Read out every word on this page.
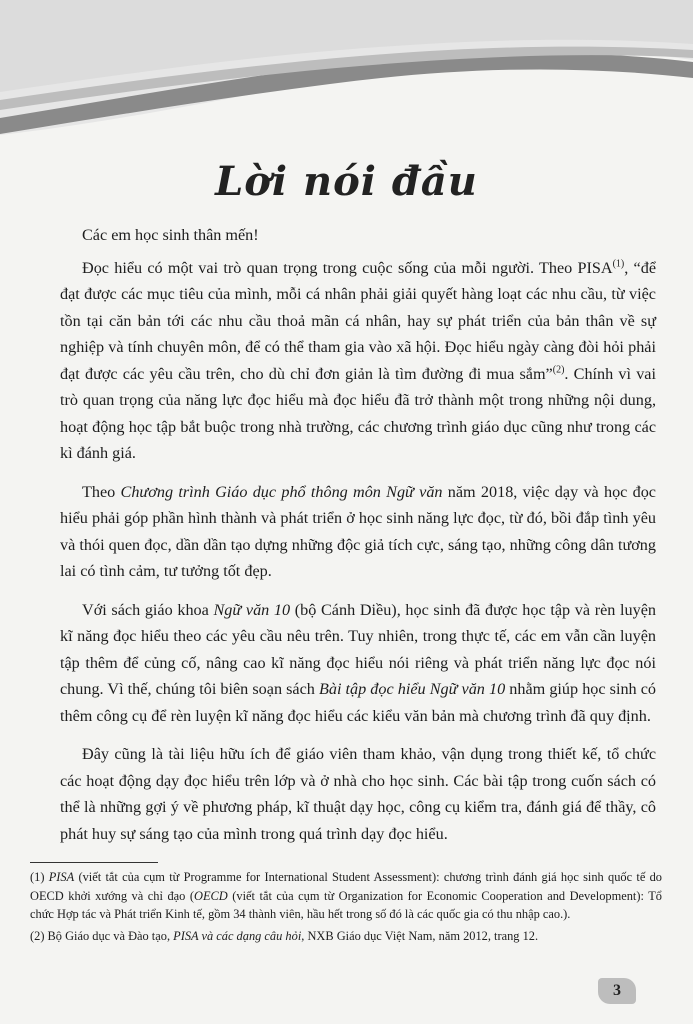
Lời nói đầu

Các em học sinh thân mến!

Đọc hiểu có một vai trò quan trọng trong cuộc sống của mỗi người. Theo PISA$^{(1)}$, “để đạt được các mục tiêu của mình, mỗi cá nhân phải giải quyết hàng loạt các nhu cầu, từ việc tồn tại căn bản tới các nhu cầu thoả mãn cá nhân, hay sự phát triển của bản thân về sự nghiệp và tính chuyên môn, để có thể tham gia vào xã hội. Đọc hiểu ngày càng đòi hỏi phải đạt được các yêu cầu trên, cho dù chỉ đơn giản là tìm đường đi mua sắm”$^{(2)}$. Chính vì vai trò quan trọng của năng lực đọc hiểu mà đọc hiểu đã trở thành một trong những nội dung, hoạt động học tập bắt buộc trong nhà trường, các chương trình giáo dục cũng như trong các kì đánh giá.

Theo Chương trình Giáo dục phổ thông môn Ngữ văn năm 2018, việc dạy và học đọc hiểu phải góp phần hình thành và phát triển ở học sinh năng lực đọc, từ đó, bồi đắp tình yêu và thói quen đọc, dần dần tạo dựng những độc giả tích cực, sáng tạo, những công dân tương lai có tình cảm, tư tưởng tốt đẹp.

Với sách giáo khoa Ngữ văn 10 (bộ Cánh Diều), học sinh đã được học tập và rèn luyện kĩ năng đọc hiểu theo các yêu cầu nêu trên. Tuy nhiên, trong thực tế, các em vẫn cần luyện tập thêm để củng cố, nâng cao kĩ năng đọc hiểu nói riêng và phát triển năng lực đọc nói chung. Vì thế, chúng tôi biên soạn sách Bài tập đọc hiểu Ngữ văn 10 nhằm giúp học sinh có thêm công cụ để rèn luyện kĩ năng đọc hiểu các kiểu văn bản mà chương trình đã quy định.

Đây cũng là tài liệu hữu ích để giáo viên tham khảo, vận dụng trong thiết kế, tổ chức các hoạt động dạy đọc hiểu trên lớp và ở nhà cho học sinh. Các bài tập trong cuốn sách có thể là những gợi ý về phương pháp, kĩ thuật dạy học, công cụ kiểm tra, đánh giá để thầy, cô phát huy sự sáng tạo của mình trong quá trình dạy đọc hiểu.

(1) PISA (viết tắt của cụm từ Programme for International Student Assessment): chương trình đánh giá học sinh quốc tế do OECD khởi xướng và chỉ đạo (OECD (viết tắt của cụm từ Organization for Economic Cooperation and Development): Tổ chức Hợp tác và Phát triển Kinh tế, gồm 34 thành viên, hầu hết trong số đó là các quốc gia có thu nhập cao.).

(2) Bộ Giáo dục và Đào tạo, PISA và các dạng câu hỏi, NXB Giáo dục Việt Nam, năm 2012, trang 12.

3
